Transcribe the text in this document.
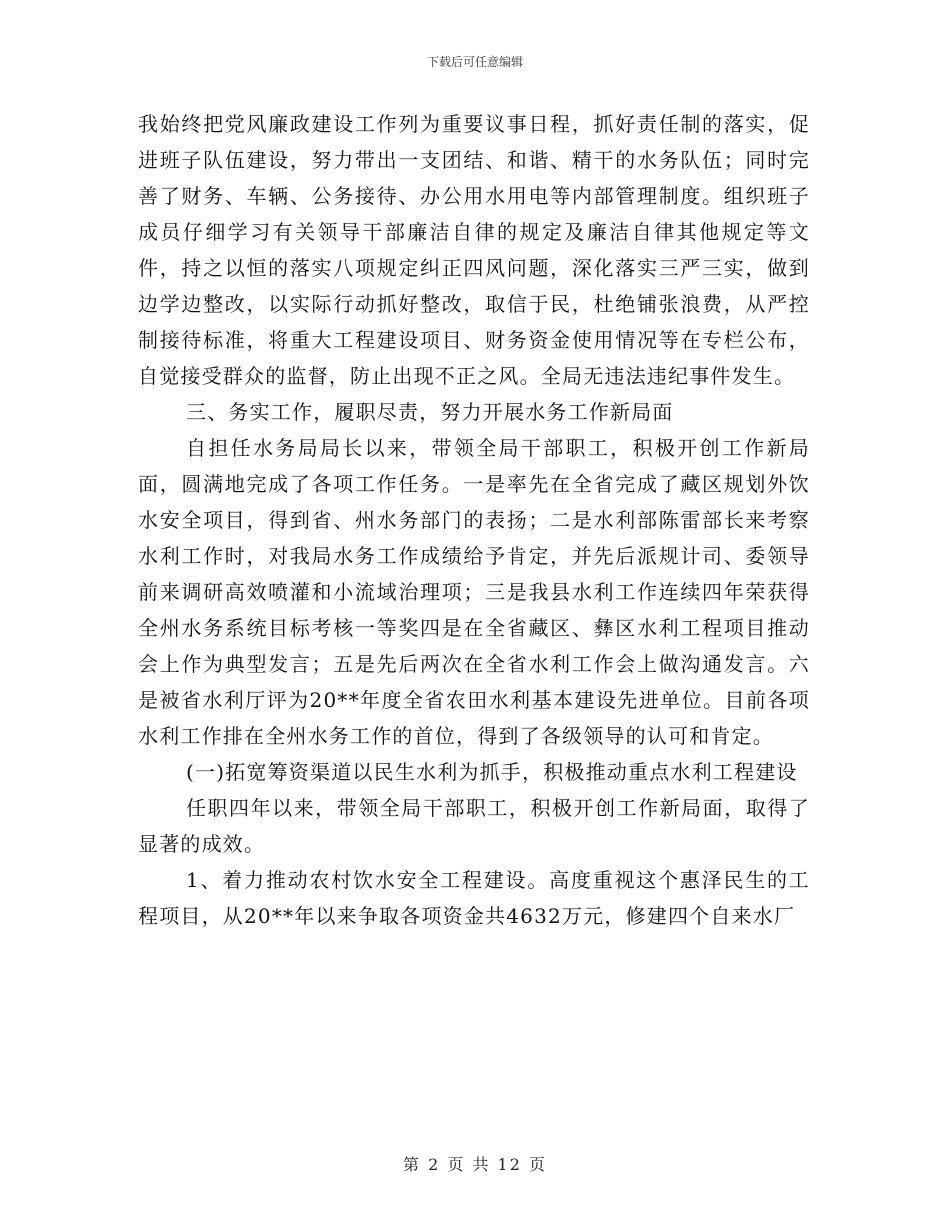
下载后可任意编辑

我始终把党风廉政建设工作列为重要议事日程，抓好责任制的落实，促进班子队伍建设，努力带出一支团结、和谐、精干的水务队伍；同时完善了财务、车辆、公务接待、办公用水用电等内部管理制度。组织班子成员仔细学习有关领导干部廉洁自律的规定及廉洁自律其他规定等文件，持之以恒的落实八项规定纠正四风问题，深化落实三严三实，做到边学边整改，以实际行动抓好整改，取信于民，杜绝铺张浪费，从严控制接待标准，将重大工程建设项目、财务资金使用情况等在专栏公布，自觉接受群众的监督，防止出现不正之风。全局无违法违纪事件发生。

三、务实工作，履职尽责，努力开展水务工作新局面

自担任水务局局长以来，带领全局干部职工，积极开创工作新局面，圆满地完成了各项工作任务。一是率先在全省完成了藏区规划外饮水安全项目，得到省、州水务部门的表扬；二是水利部陈雷部长来考察水利工作时，对我局水务工作成绩给予肯定，并先后派规计司、委领导前来调研高效喷灌和小流域治理项；三是我县水利工作连续四年荣获得全州水务系统目标考核一等奖四是在全省藏区、彝区水利工程项目推动会上作为典型发言；五是先后两次在全省水利工作会上做沟通发言。六是被省水利厅评为20**年度全省农田水利基本建设先进单位。目前各项水利工作排在全州水务工作的首位，得到了各级领导的认可和肯定。

(一)拓宽筹资渠道以民生水利为抓手，积极推动重点水利工程建设

任职四年以来，带领全局干部职工，积极开创工作新局面，取得了显著的成效。

1、着力推动农村饮水安全工程建设。高度重视这个惠泽民生的工程项目，从20**年以来争取各项资金共4632万元，修建四个自来水厂

第 2 页 共 12 页
